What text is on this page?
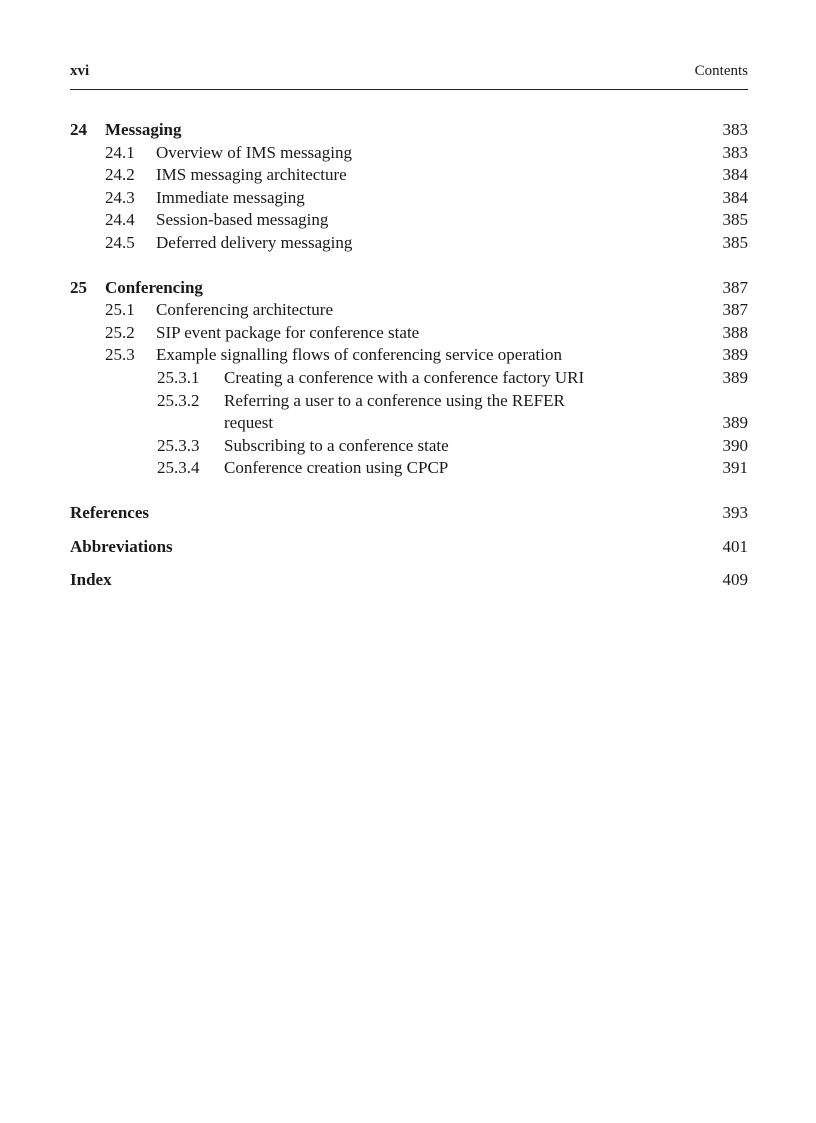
xvi	Contents
24 Messaging	383
24.1 Overview of IMS messaging	383
24.2 IMS messaging architecture	384
24.3 Immediate messaging	384
24.4 Session-based messaging	385
24.5 Deferred delivery messaging	385
25 Conferencing	387
25.1 Conferencing architecture	387
25.2 SIP event package for conference state	388
25.3 Example signalling flows of conferencing service operation	389
25.3.1 Creating a conference with a conference factory URI	389
25.3.2 Referring a user to a conference using the REFER
request	389
25.3.3 Subscribing to a conference state	390
25.3.4 Conference creation using CPCP	391
References	393
Abbreviations	401
Index	409
